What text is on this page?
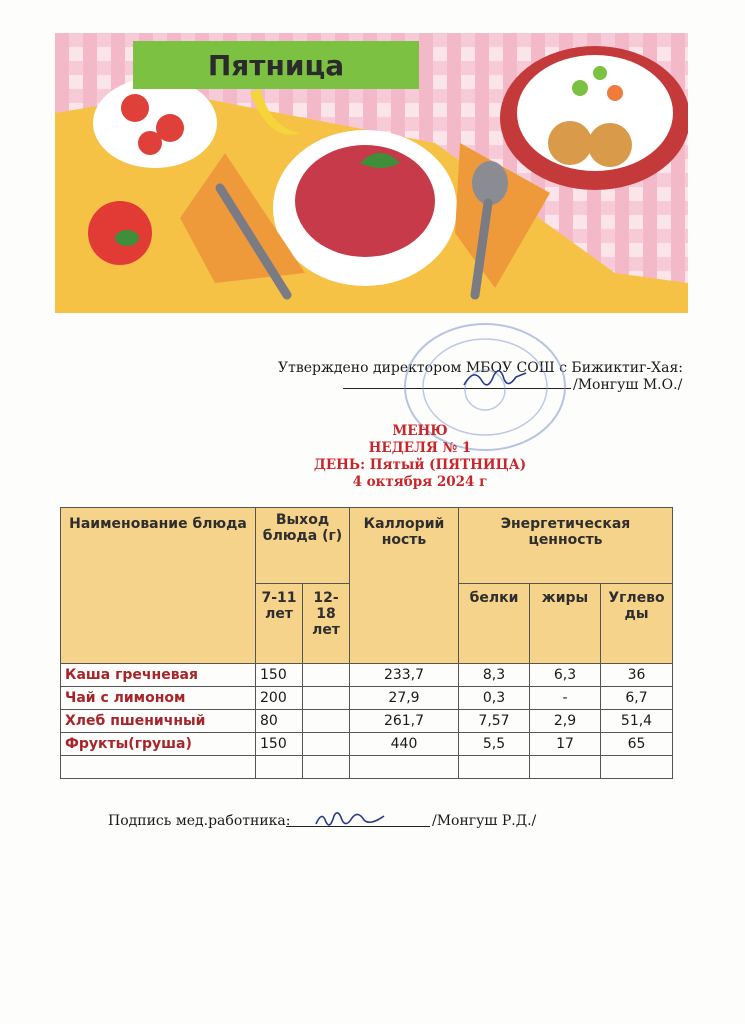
Пятница
Утверждено директором МБОУ СОШ с Бижиктиг-Хая:
/Монгуш М.О./
МЕНЮ
НЕДЕЛЯ № 1
ДЕНЬ: Пятый (ПЯТНИЦА)
4 октября 2024 г
Наименование блюда	Выход блюда (г)		Каллорий ность	Энергетическая ценность		
	7-11 лет	12-18 лет		белки	жиры	Углево ды
Каша гречневая	150		233,7	8,3	6,3	36
Чай с лимоном	200		27,9	0,3	-	6,7
Хлеб пшеничный	80		261,7	7,57	2,9	51,4
Фрукты(груша)	150		440	5,5	17	65

Подпись мед.работника:	/Монгуш Р.Д./
